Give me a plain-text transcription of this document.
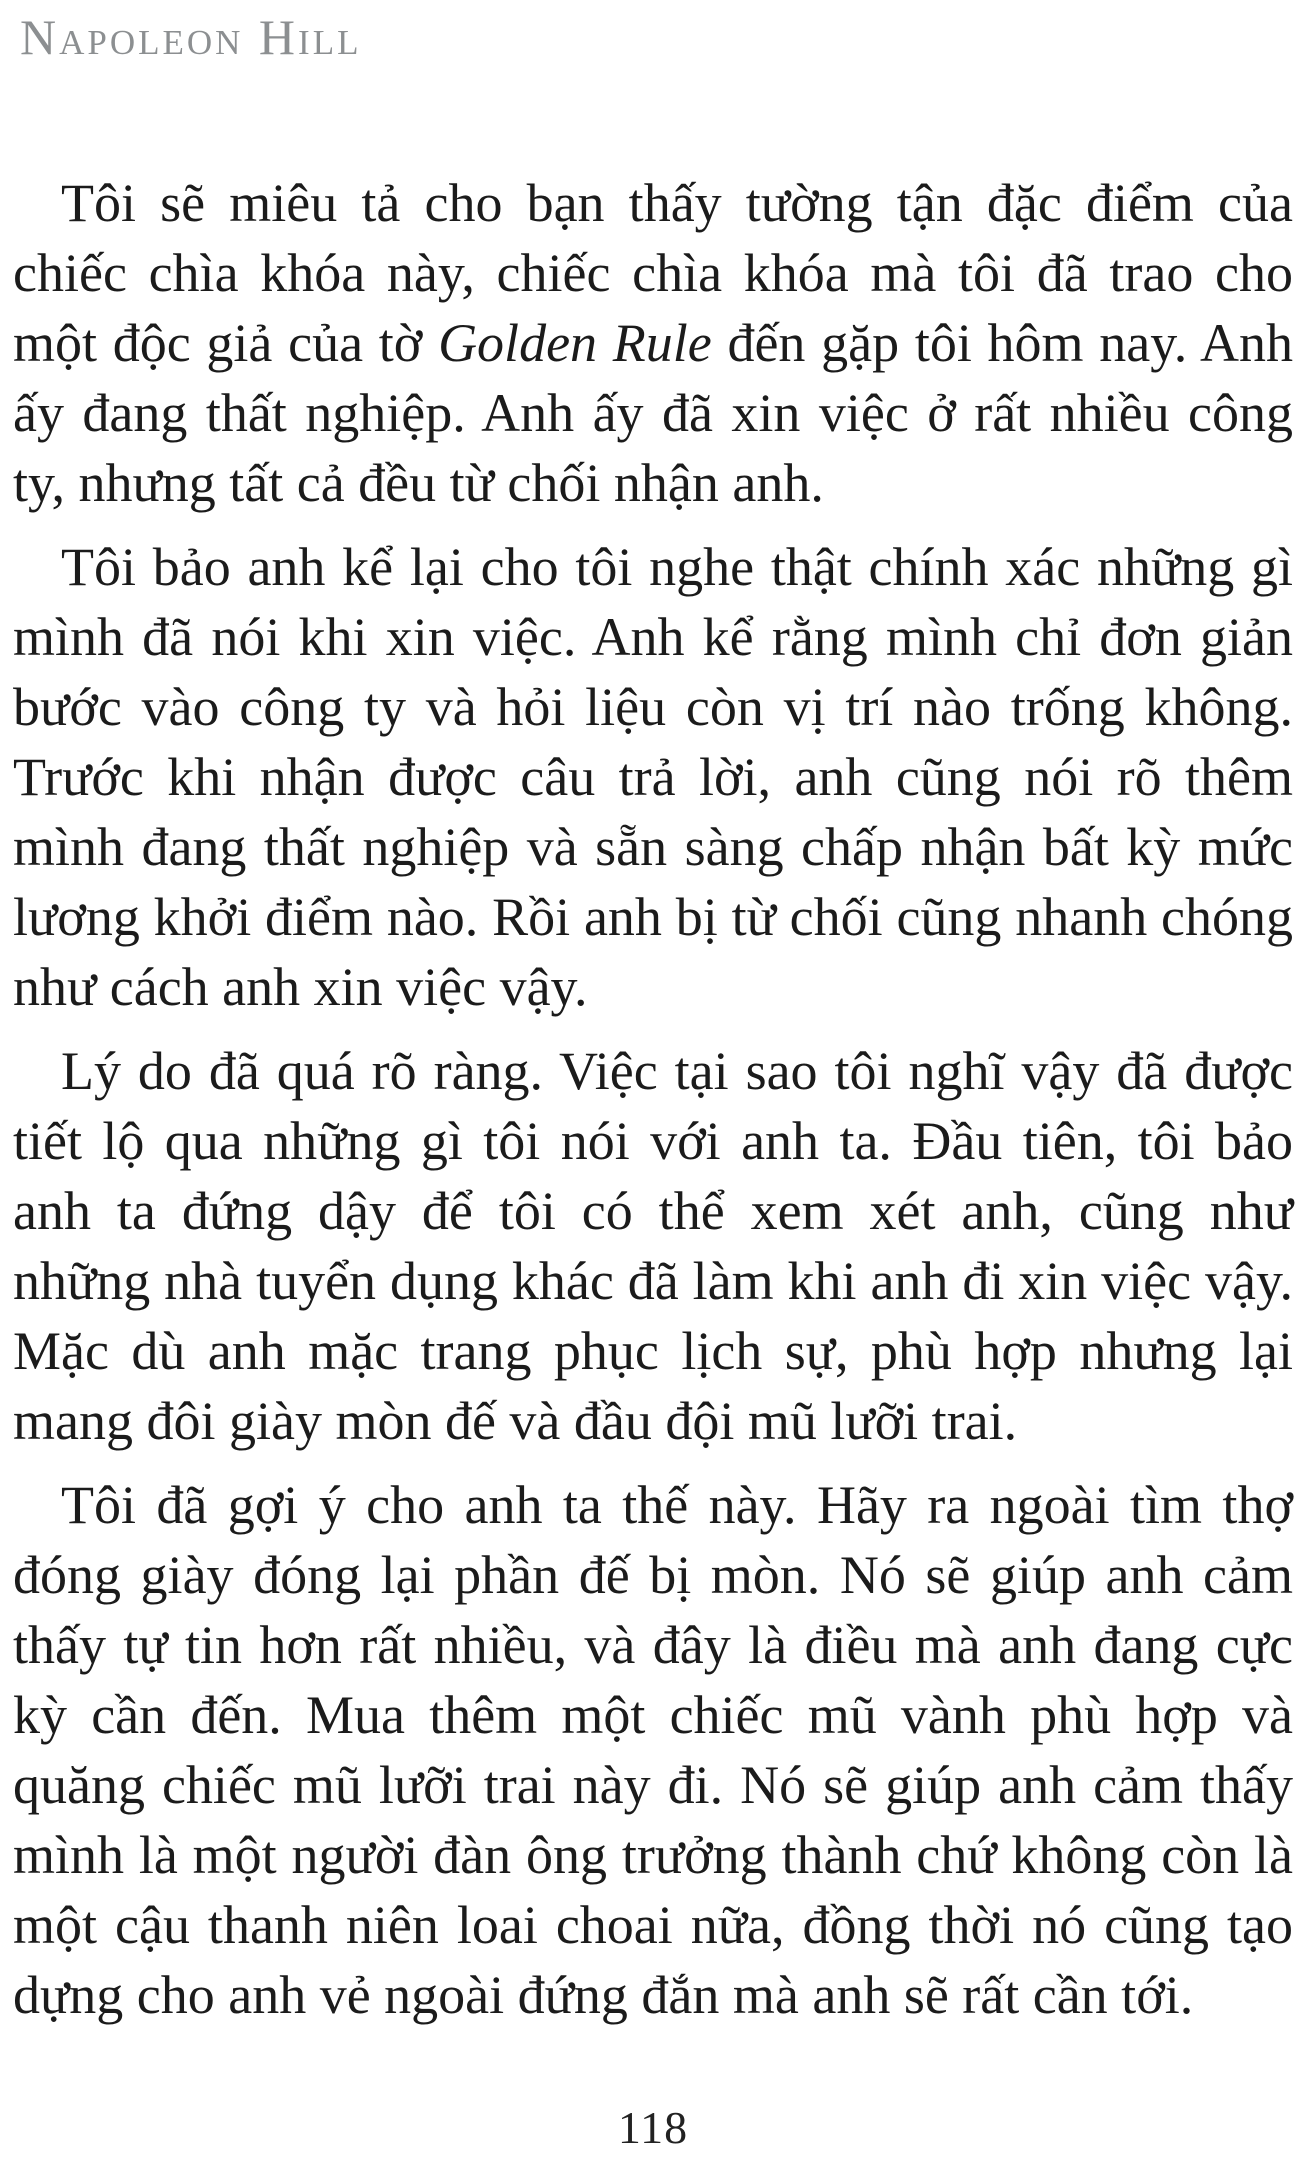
Napoleon Hill

Tôi sẽ miêu tả cho bạn thấy tường tận đặc điểm của chiếc chìa khóa này, chiếc chìa khóa mà tôi đã trao cho một độc giả của tờ Golden Rule đến gặp tôi hôm nay. Anh ấy đang thất nghiệp. Anh ấy đã xin việc ở rất nhiều công ty, nhưng tất cả đều từ chối nhận anh.

Tôi bảo anh kể lại cho tôi nghe thật chính xác những gì mình đã nói khi xin việc. Anh kể rằng mình chỉ đơn giản bước vào công ty và hỏi liệu còn vị trí nào trống không. Trước khi nhận được câu trả lời, anh cũng nói rõ thêm mình đang thất nghiệp và sẵn sàng chấp nhận bất kỳ mức lương khởi điểm nào. Rồi anh bị từ chối cũng nhanh chóng như cách anh xin việc vậy.

Lý do đã quá rõ ràng. Việc tại sao tôi nghĩ vậy đã được tiết lộ qua những gì tôi nói với anh ta. Đầu tiên, tôi bảo anh ta đứng dậy để tôi có thể xem xét anh, cũng như những nhà tuyển dụng khác đã làm khi anh đi xin việc vậy. Mặc dù anh mặc trang phục lịch sự, phù hợp nhưng lại mang đôi giày mòn đế và đầu đội mũ lưỡi trai.

Tôi đã gợi ý cho anh ta thế này. Hãy ra ngoài tìm thợ đóng giày đóng lại phần đế bị mòn. Nó sẽ giúp anh cảm thấy tự tin hơn rất nhiều, và đây là điều mà anh đang cực kỳ cần đến. Mua thêm một chiếc mũ vành phù hợp và quăng chiếc mũ lưỡi trai này đi. Nó sẽ giúp anh cảm thấy mình là một người đàn ông trưởng thành chứ không còn là một cậu thanh niên loai choai nữa, đồng thời nó cũng tạo dựng cho anh vẻ ngoài đứng đắn mà anh sẽ rất cần tới.

118
